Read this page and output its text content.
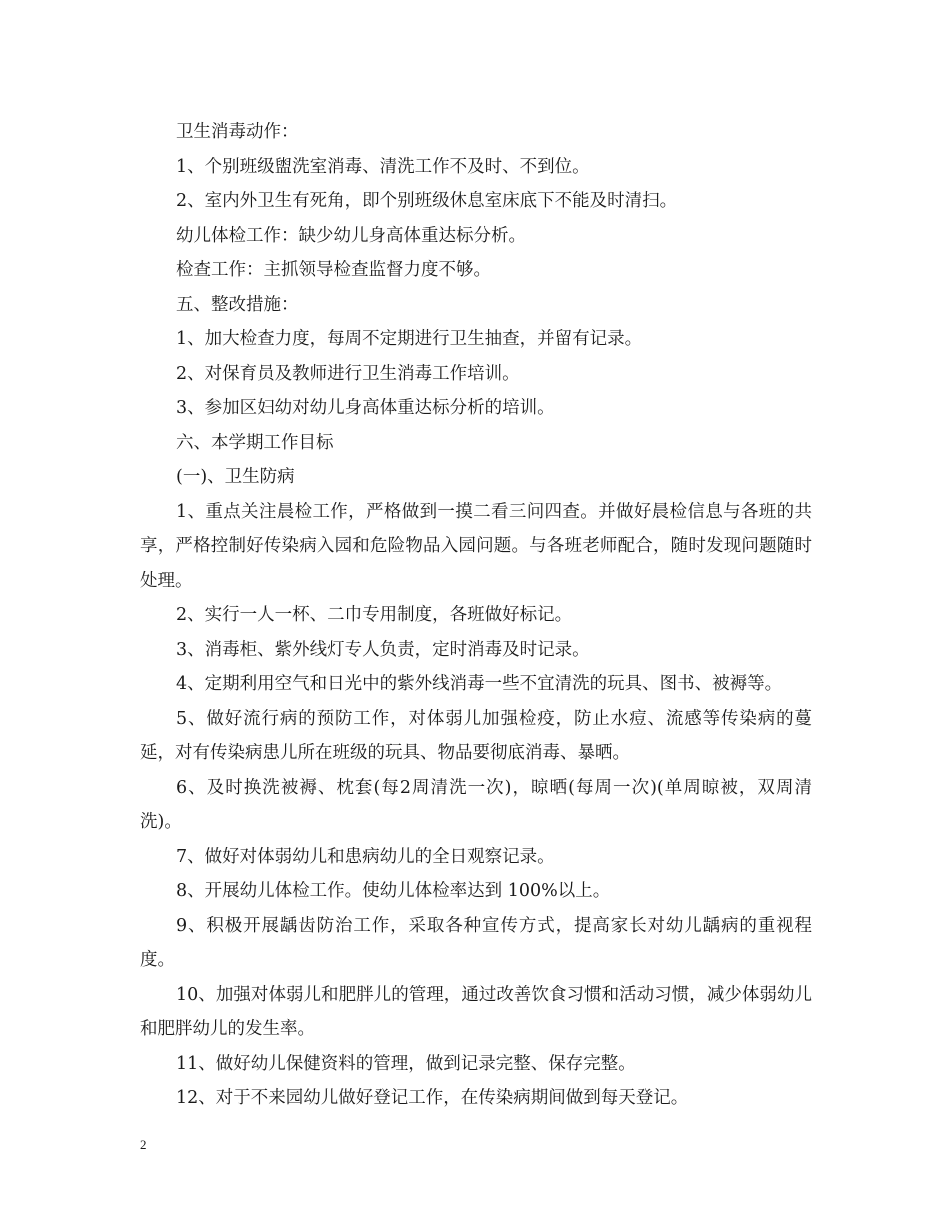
卫生消毒动作：

1、个别班级盥洗室消毒、清洗工作不及时、不到位。

2、室内外卫生有死角，即个别班级休息室床底下不能及时清扫。

幼儿体检工作：缺少幼儿身高体重达标分析。

检查工作：主抓领导检查监督力度不够。

五、整改措施：

1、加大检查力度，每周不定期进行卫生抽查，并留有记录。

2、对保育员及教师进行卫生消毒工作培训。

3、参加区妇幼对幼儿身高体重达标分析的培训。

六、本学期工作目标

(一)、卫生防病

1、重点关注晨检工作，严格做到一摸二看三问四查。并做好晨检信息与各班的共享，严格控制好传染病入园和危险物品入园问题。与各班老师配合，随时发现问题随时处理。

2、实行一人一杯、二巾专用制度，各班做好标记。

3、消毒柜、紫外线灯专人负责，定时消毒及时记录。

4、定期利用空气和日光中的紫外线消毒一些不宜清洗的玩具、图书、被褥等。

5、做好流行病的预防工作，对体弱儿加强检疫，防止水痘、流感等传染病的蔓延，对有传染病患儿所在班级的玩具、物品要彻底消毒、暴晒。

6、及时换洗被褥、枕套(每2周清洗一次)，晾晒(每周一次)(单周晾被，双周清洗)。

7、做好对体弱幼儿和患病幼儿的全日观察记录。

8、开展幼儿体检工作。使幼儿体检率达到 100%以上。

9、积极开展龋齿防治工作，采取各种宣传方式，提高家长对幼儿龋病的重视程度。

10、加强对体弱儿和肥胖儿的管理，通过改善饮食习惯和活动习惯，减少体弱幼儿和肥胖幼儿的发生率。

11、做好幼儿保健资料的管理，做到记录完整、保存完整。

12、对于不来园幼儿做好登记工作，在传染病期间做到每天登记。

2
